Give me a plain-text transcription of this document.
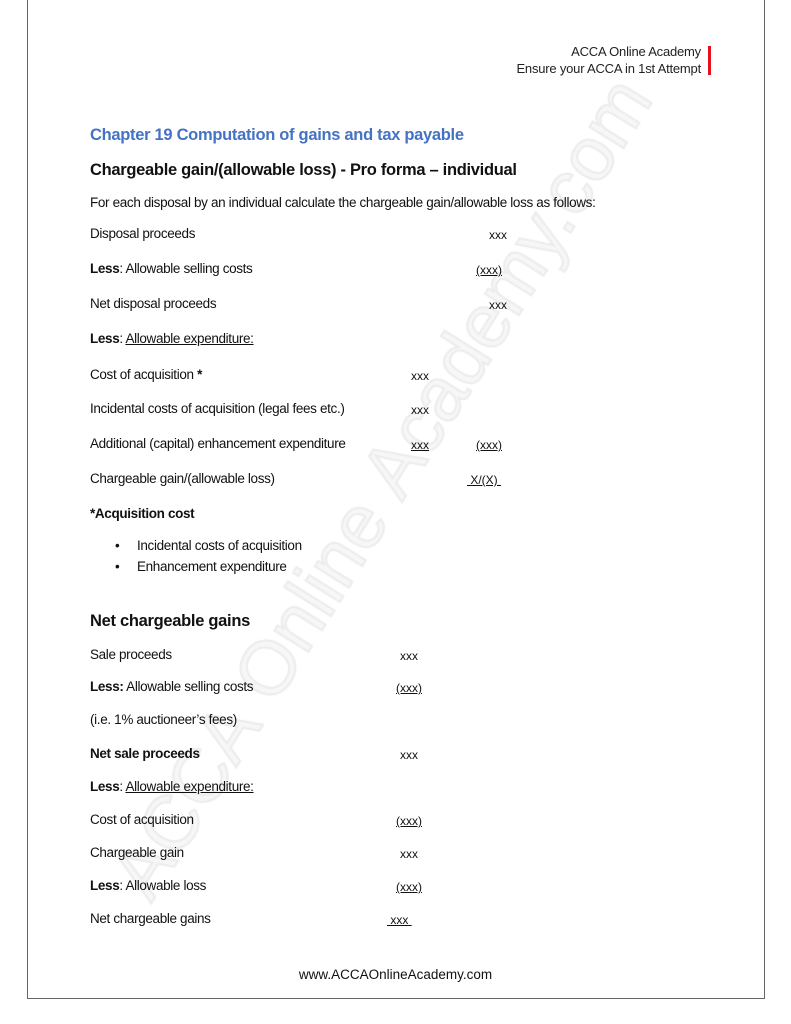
ACCA Online Academy
Ensure your ACCA in 1st Attempt
Chapter 19 Computation of gains and tax payable
Chargeable gain/(allowable loss) - Pro forma – individual
For each disposal by an individual calculate the chargeable gain/allowable loss as follows:
*Acquisition cost
• Incidental costs of acquisition
• Enhancement expenditure
Net chargeable gains
www.ACCAOnlineAcademy.com
Disposal proceeds	xxx
Less: Allowable selling costs	(xxx)
Net disposal proceeds	xxx
Less: Allowable expenditure:
Cost of acquisition *	xxx
Incidental costs of acquisition (legal fees etc.)	xxx
Additional (capital) enhancement expenditure	xxx	(xxx)
Chargeable gain/(allowable loss)	X/(X)
Sale proceeds	xxx
Less: Allowable selling costs	(xxx)
(i.e. 1% auctioneer’s fees)
Net sale proceeds	xxx
Less: Allowable expenditure:
Cost of acquisition	(xxx)
Chargeable gain	xxx
Less: Allowable loss	(xxx)
Net chargeable gains	xxx
